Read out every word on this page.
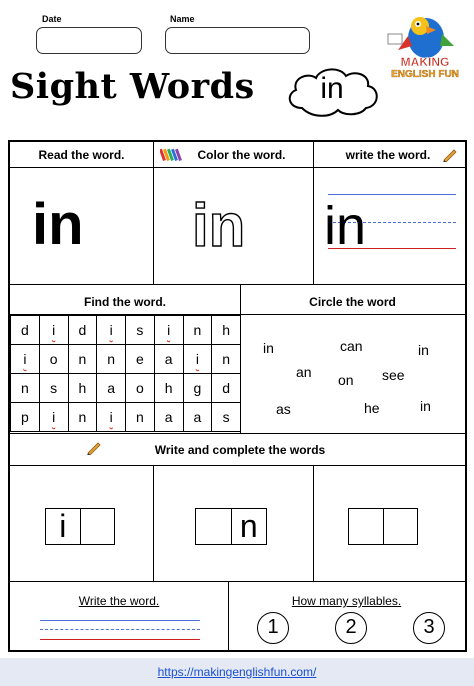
Date	Name
Sight Words	in
MAKING
ENGLISH FUN
Read the word.	Color the word.	write the word.
in in in
Find the word.	Circle the word
d	i	d	i	s	i	n	h
i	o	n	n	e	a	i	n
n	s	h	a	o	h	g	d
p	i	n	i	n	a	a	s
in	can	in
an	see
on
as	he	in
Write and complete the words
i	n
Write the word.	How many syllables.
1	2	3
https://makingenglishfun.com/
